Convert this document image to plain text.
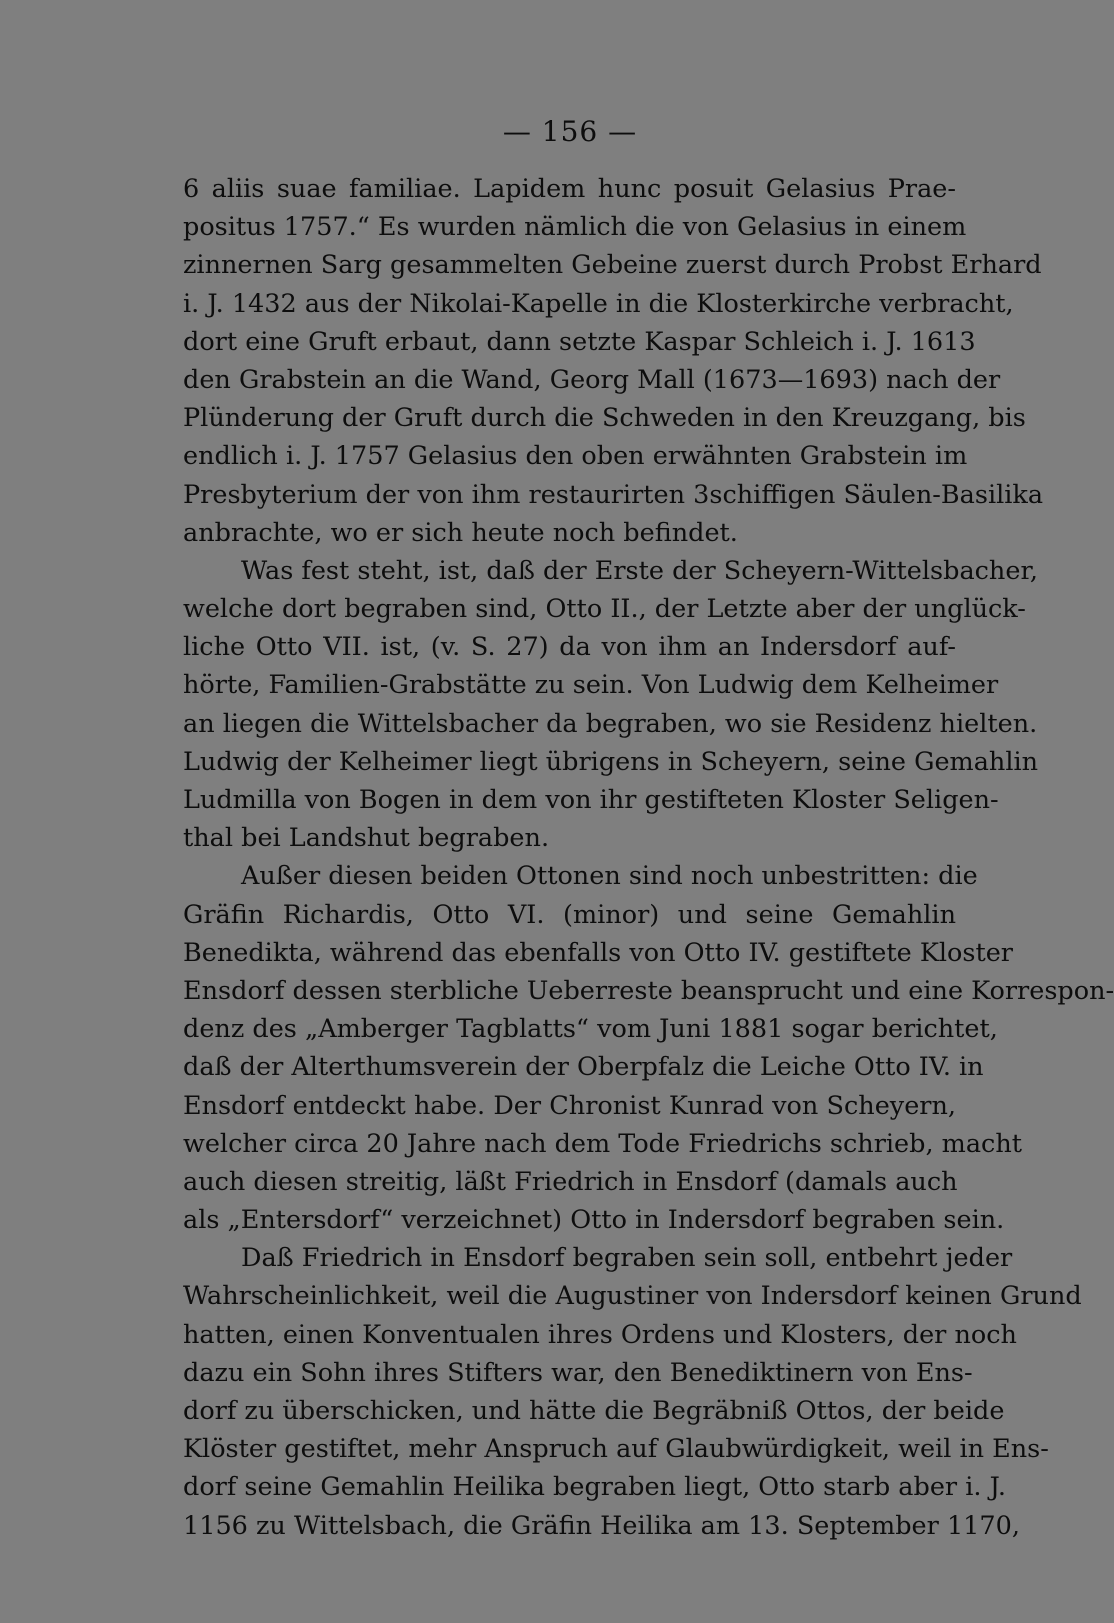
— 156 —
6 aliis suae familiae. Lapidem hunc posuit Gelasius Prae-
positus 1757.“ Es wurden nämlich die von Gelasius in einem
zinnernen Sarg gesammelten Gebeine zuerst durch Probst Erhard
i. J. 1432 aus der Nikolai-Kapelle in die Klosterkirche verbracht,
dort eine Gruft erbaut, dann setzte Kaspar Schleich i. J. 1613
den Grabstein an die Wand, Georg Mall (1673—1693) nach der
Plünderung der Gruft durch die Schweden in den Kreuzgang, bis
endlich i. J. 1757 Gelasius den oben erwähnten Grabstein im
Presbyterium der von ihm restaurirten 3schiffigen Säulen-Basilika
anbrachte, wo er sich heute noch befindet.
Was fest steht, ist, daß der Erste der Scheyern-Wittelsbacher,
welche dort begraben sind, Otto II., der Letzte aber der unglück-
liche Otto VII. ist, (v. S. 27) da von ihm an Indersdorf auf-
hörte, Familien-Grabstätte zu sein. Von Ludwig dem Kelheimer
an liegen die Wittelsbacher da begraben, wo sie Residenz hielten.
Ludwig der Kelheimer liegt übrigens in Scheyern, seine Gemahlin
Ludmilla von Bogen in dem von ihr gestifteten Kloster Seligen-
thal bei Landshut begraben.
Außer diesen beiden Ottonen sind noch unbestritten: die
Gräfin Richardis, Otto VI. (minor) und seine Gemahlin
Benedikta, während das ebenfalls von Otto IV. gestiftete Kloster
Ensdorf dessen sterbliche Ueberreste beansprucht und eine Korrespon-
denz des „Amberger Tagblatts“ vom Juni 1881 sogar berichtet,
daß der Alterthumsverein der Oberpfalz die Leiche Otto IV. in
Ensdorf entdeckt habe. Der Chronist Kunrad von Scheyern,
welcher circa 20 Jahre nach dem Tode Friedrichs schrieb, macht
auch diesen streitig, läßt Friedrich in Ensdorf (damals auch
als „Entersdorf“ verzeichnet) Otto in Indersdorf begraben sein.
Daß Friedrich in Ensdorf begraben sein soll, entbehrt jeder
Wahrscheinlichkeit, weil die Augustiner von Indersdorf keinen Grund
hatten, einen Konventualen ihres Ordens und Klosters, der noch
dazu ein Sohn ihres Stifters war, den Benediktinern von Ens-
dorf zu überschicken, und hätte die Begräbniß Ottos, der beide
Klöster gestiftet, mehr Anspruch auf Glaubwürdigkeit, weil in Ens-
dorf seine Gemahlin Heilika begraben liegt, Otto starb aber i. J.
1156 zu Wittelsbach, die Gräfin Heilika am 13. September 1170,
